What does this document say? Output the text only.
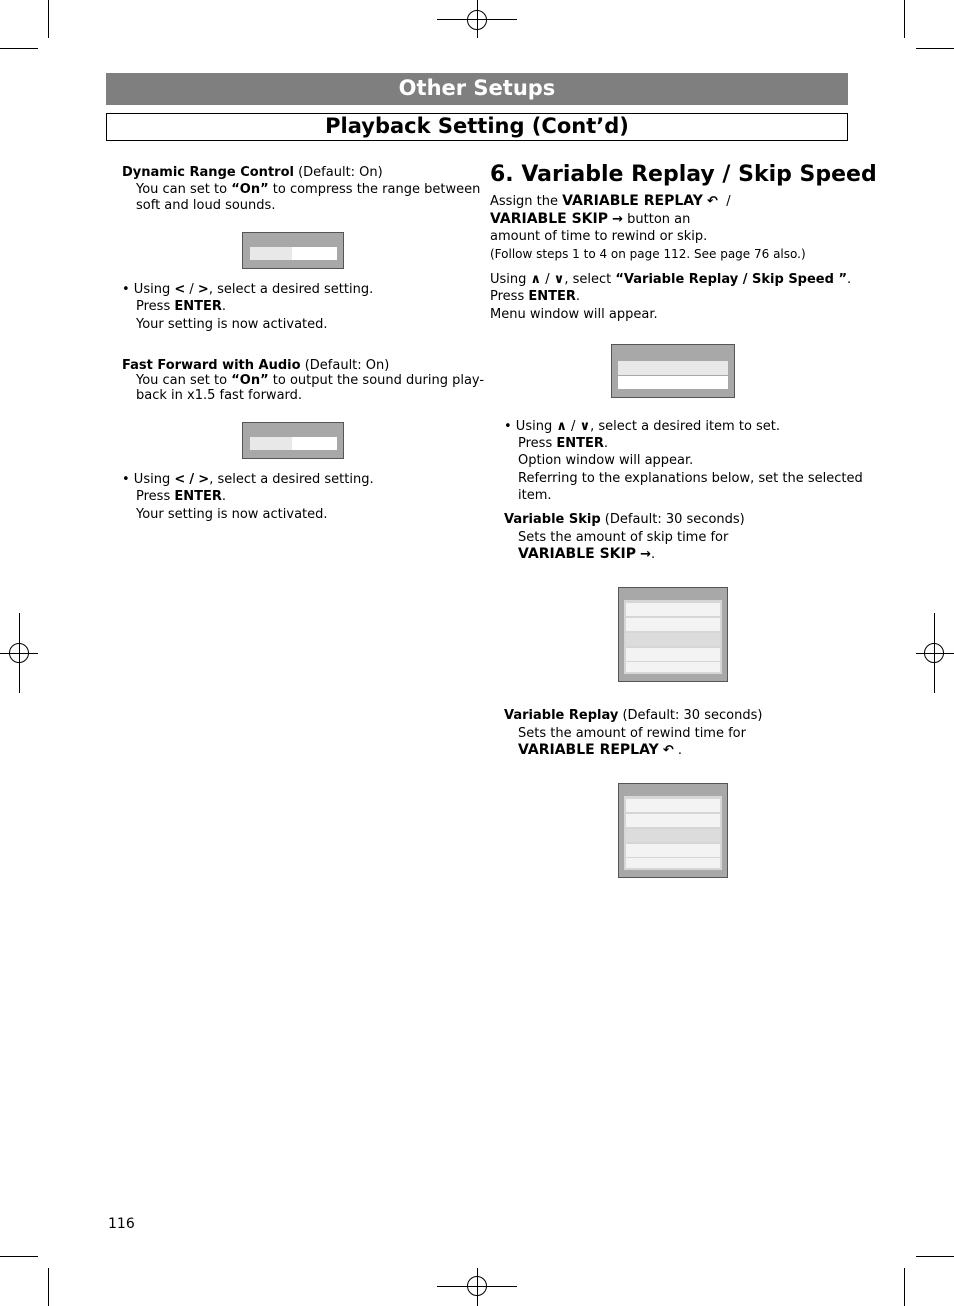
Other Setups
Playback Setting (Cont’d)
Dynamic Range Control (Default: On)
You can set to “On” to compress the range between
soft and loud sounds.
• Using < / >, select a desired setting.
Press ENTER.
Your setting is now activated.
Fast Forward with Audio (Default: On)
You can set to “On” to output the sound during play-
back in x1.5 fast forward.
• Using < / >, select a desired setting.
Press ENTER.
Your setting is now activated.
6. Variable Replay / Skip Speed
Assign the VARIABLE REPLAY ↶ /
VARIABLE SKIP → button an
amount of time to rewind or skip.
(Follow steps 1 to 4 on page 112. See page 76 also.)
Using ∧ / ∨, select “Variable Replay / Skip Speed ”.
Press ENTER.
Menu window will appear.
• Using ∧ / ∨, select a desired item to set.
Press ENTER.
Option window will appear.
Referring to the explanations below, set the selected
item.
Variable Skip (Default: 30 seconds)
Sets the amount of skip time for
VARIABLE SKIP →.
Variable Replay (Default: 30 seconds)
Sets the amount of rewind time for
VARIABLE REPLAY ↶ .
116
